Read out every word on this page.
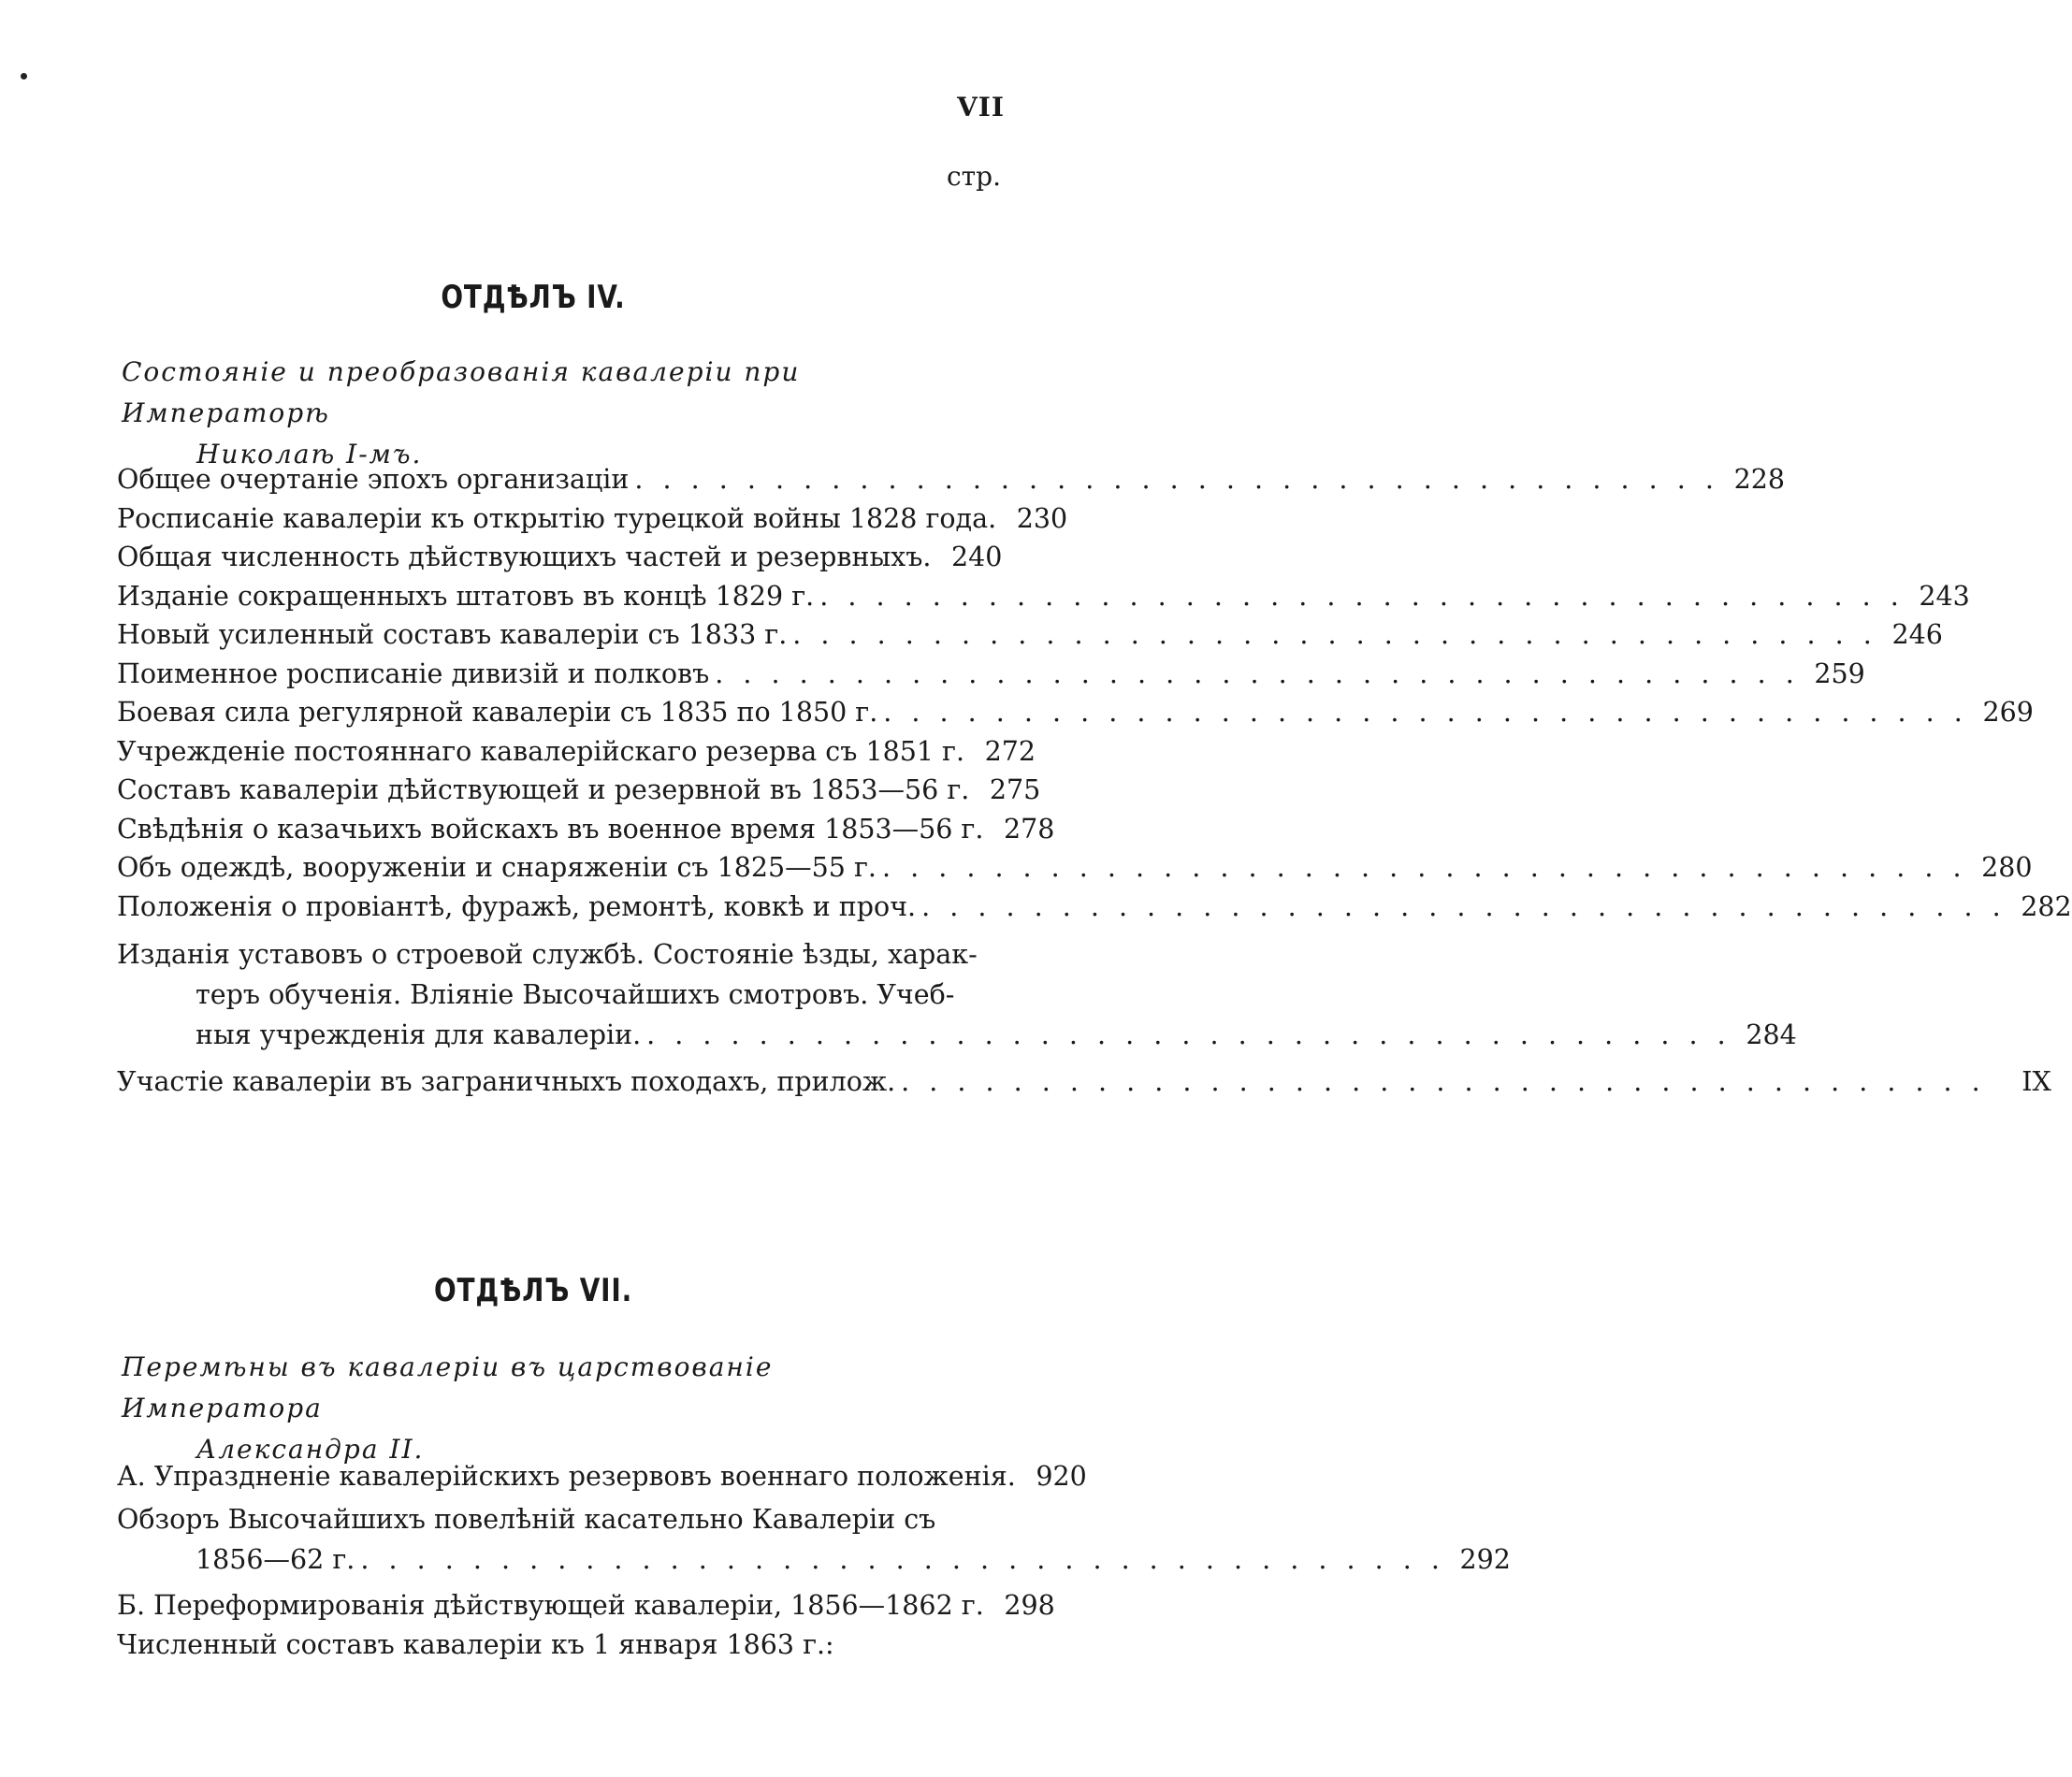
VII
стр.
ОТДѢЛЪ IV.
Состояніе и преобразованія кавалеріи при Императорѣ
Николаѣ I-мъ.
Общее очертаніе эпохъ организаціи . . .	228
Росписаніе кавалеріи къ открытію турецкой войны 1828 года. 230
Общая численность дѣйствующихъ частей и резервныхъ. 240
Изданіе сокращенныхъ штатовъ въ концѣ 1829 г. . . .	243
Новый усиленный составъ кавалеріи съ 1833 г. . . .	246
Поименное росписаніе дивизій и полковъ . . .	259
Боевая сила регулярной кавалеріи съ 1835 по 1850 г. . . .	269
Учрежденіе постояннаго кавалерійскаго резерва съ 1851 г. 272
Составъ кавалеріи дѣйствующей и резервной въ 1853—56 г. 275
Свѣдѣнія о казачьихъ войскахъ въ военное время 1853—56 г. 278
Объ одеждѣ, вооруженіи и снаряженіи съ 1825—55 г. . . .	280
Положенія о провіантѣ, фуражѣ, ремонтѣ, ковкѣ и проч. . . .	282
Изданія уставовъ о строевой службѣ. Состояніе ѣзды, харак-
теръ обученія. Вліяніе Высочайшихъ смотровъ. Учеб-
ныя учрежденія для кавалеріи. . . .	284
Участіе кавалеріи въ заграничныхъ походахъ, прилож. . . .	IX
ОТДѢЛЪ VII.
Перемѣны въ кавалеріи въ царствованіе Императора
Александра II.
А. Упраздненіе кавалерійскихъ резервовъ военнаго положенія. 920
Обзоръ Высочайшихъ повелѣній касательно Кавалеріи съ
1856—62 г. . . .	292
Б. Переформированія дѣйствующей кавалеріи, 1856—1862 г. 298
Численный составъ кавалеріи къ 1 января 1863 г.:
